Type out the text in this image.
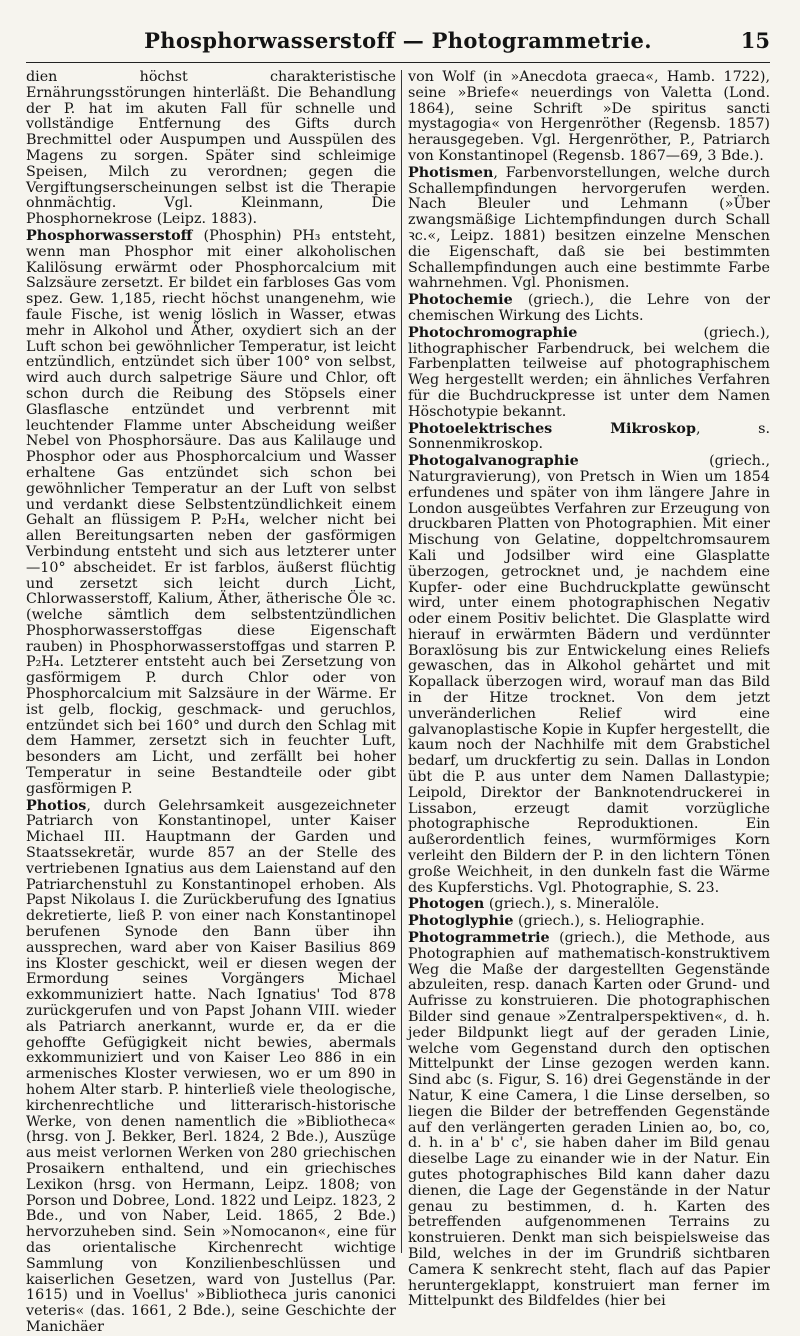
Phosphorwasserstoff — Photogrammetrie.	15

dien höchst charakteristische Ernährungsstörungen hinterläßt. Die Behandlung der P. hat im akuten Fall für schnelle und vollständige Entfernung des Gifts durch Brechmittel oder Auspumpen und Ausspülen des Magens zu sorgen. Später sind schleimige Speisen, Milch zu verordnen; gegen die Vergiftungserscheinungen selbst ist die Therapie ohnmächtig. Vgl. Kleinmann, Die Phosphornekrose (Leipz. 1883).

Phosphorwasserstoff (Phosphin) PH₃ entsteht, wenn man Phosphor mit einer alkoholischen Kalilösung erwärmt oder Phosphorcalcium mit Salzsäure zersetzt. Er bildet ein farbloses Gas vom spez. Gew. 1,185, riecht höchst unangenehm, wie faule Fische, ist wenig löslich in Wasser, etwas mehr in Alkohol und Äther, oxydiert sich an der Luft schon bei gewöhnlicher Temperatur, ist leicht entzündlich, entzündet sich über 100° von selbst, wird auch durch salpetrige Säure und Chlor, oft schon durch die Reibung des Stöpsels einer Glasflasche entzündet und verbrennt mit leuchtender Flamme unter Abscheidung weißer Nebel von Phosphorsäure. Das aus Kalilauge und Phosphor oder aus Phosphorcalcium und Wasser erhaltene Gas entzündet sich schon bei gewöhnlicher Temperatur an der Luft von selbst und verdankt diese Selbstentzündlichkeit einem Gehalt an flüssigem P. P₂H₄, welcher nicht bei allen Bereitungsarten neben der gasförmigen Verbindung entsteht und sich aus letzterer unter —10° abscheidet. Er ist farblos, äußerst flüchtig und zersetzt sich leicht durch Licht, Chlorwasserstoff, Kalium, Äther, ätherische Öle ꝛc. (welche sämtlich dem selbstentzündlichen Phosphorwasserstoffgas diese Eigenschaft rauben) in Phosphorwasserstoffgas und starren P. P₂H₄. Letzterer entsteht auch bei Zersetzung von gasförmigem P. durch Chlor oder von Phosphorcalcium mit Salzsäure in der Wärme. Er ist gelb, flockig, geschmack- und geruchlos, entzündet sich bei 160° und durch den Schlag mit dem Hammer, zersetzt sich in feuchter Luft, besonders am Licht, und zerfällt bei hoher Temperatur in seine Bestandteile oder gibt gasförmigen P.

Photios, durch Gelehrsamkeit ausgezeichneter Patriarch von Konstantinopel, unter Kaiser Michael III. Hauptmann der Garden und Staatssekretär, wurde 857 an der Stelle des vertriebenen Ignatius aus dem Laienstand auf den Patriarchenstuhl zu Konstantinopel erhoben. Als Papst Nikolaus I. die Zurückberufung des Ignatius dekretierte, ließ P. von einer nach Konstantinopel berufenen Synode den Bann über ihn aussprechen, ward aber von Kaiser Basilius 869 ins Kloster geschickt, weil er diesen wegen der Ermordung seines Vorgängers Michael exkommuniziert hatte. Nach Ignatius' Tod 878 zurückgerufen und von Papst Johann VIII. wieder als Patriarch anerkannt, wurde er, da er die gehoffte Gefügigkeit nicht bewies, abermals exkommuniziert und von Kaiser Leo 886 in ein armenisches Kloster verwiesen, wo er um 890 in hohem Alter starb. P. hinterließ viele theologische, kirchenrechtliche und litterarisch-historische Werke, von denen namentlich die »Bibliotheca« (hrsg. von J. Bekker, Berl. 1824, 2 Bde.), Auszüge aus meist verlornen Werken von 280 griechischen Prosaikern enthaltend, und ein griechisches Lexikon (hrsg. von Hermann, Leipz. 1808; von Porson und Dobree, Lond. 1822 und Leipz. 1823, 2 Bde., und von Naber, Leid. 1865, 2 Bde.) hervorzuheben sind. Sein »Nomocanon«, eine für das orientalische Kirchenrecht wichtige Sammlung von Konzilienbeschlüssen und kaiserlichen Gesetzen, ward von Justellus (Par. 1615) und in Voellus' »Bibliotheca juris canonici veteris« (das. 1661, 2 Bde.), seine Geschichte der Manichäer

von Wolf (in »Anecdota graeca«, Hamb. 1722), seine »Briefe« neuerdings von Valetta (Lond. 1864), seine Schrift »De spiritus sancti mystagogia« von Hergenröther (Regensb. 1857) herausgegeben. Vgl. Hergenröther, P., Patriarch von Konstantinopel (Regensb. 1867—69, 3 Bde.).

Photismen, Farbenvorstellungen, welche durch Schallempfindungen hervorgerufen werden. Nach Bleuler und Lehmann (»Über zwangsmäßige Lichtempfindungen durch Schall ꝛc.«, Leipz. 1881) besitzen einzelne Menschen die Eigenschaft, daß sie bei bestimmten Schallempfindungen auch eine bestimmte Farbe wahrnehmen. Vgl. Phonismen.

Photochemie (griech.), die Lehre von der chemischen Wirkung des Lichts.

Photochromographie (griech.), lithographischer Farbendruck, bei welchem die Farbenplatten teilweise auf photographischem Weg hergestellt werden; ein ähnliches Verfahren für die Buchdruckpresse ist unter dem Namen Höschotypie bekannt.

Photoelektrisches Mikroskop, s. Sonnenmikroskop.

Photogalvanographie (griech., Naturgravierung), von Pretsch in Wien um 1854 erfundenes und später von ihm längere Jahre in London ausgeübtes Verfahren zur Erzeugung von druckbaren Platten von Photographien. Mit einer Mischung von Gelatine, doppeltchromsaurem Kali und Jodsilber wird eine Glasplatte überzogen, getrocknet und, je nachdem eine Kupfer- oder eine Buchdruckplatte gewünscht wird, unter einem photographischen Negativ oder einem Positiv belichtet. Die Glasplatte wird hierauf in erwärmten Bädern und verdünnter Boraxlösung bis zur Entwickelung eines Reliefs gewaschen, das in Alkohol gehärtet und mit Kopallack überzogen wird, worauf man das Bild in der Hitze trocknet. Von dem jetzt unveränderlichen Relief wird eine galvanoplastische Kopie in Kupfer hergestellt, die kaum noch der Nachhilfe mit dem Grabstichel bedarf, um druckfertig zu sein. Dallas in London übt die P. aus unter dem Namen Dallastypie; Leipold, Direktor der Banknotendruckerei in Lissabon, erzeugt damit vorzügliche photographische Reproduktionen. Ein außerordentlich feines, wurmförmiges Korn verleiht den Bildern der P. in den lichtern Tönen große Weichheit, in den dunkeln fast die Wärme des Kupferstichs. Vgl. Photographie, S. 23.

Photogen (griech.), s. Mineralöle.

Photoglyphie (griech.), s. Heliographie.

Photogrammetrie (griech.), die Methode, aus Photographien auf mathematisch-konstruktivem Weg die Maße der dargestellten Gegenstände abzuleiten, resp. danach Karten oder Grund- und Aufrisse zu konstruieren. Die photographischen Bilder sind genaue »Zentralperspektiven«, d. h. jeder Bildpunkt liegt auf der geraden Linie, welche vom Gegenstand durch den optischen Mittelpunkt der Linse gezogen werden kann. Sind abc (s. Figur, S. 16) drei Gegenstände in der Natur, K eine Camera, l die Linse derselben, so liegen die Bilder der betreffenden Gegenstände auf den verlängerten geraden Linien ao, bo, co, d. h. in a' b' c', sie haben daher im Bild genau dieselbe Lage zu einander wie in der Natur. Ein gutes photographisches Bild kann daher dazu dienen, die Lage der Gegenstände in der Natur genau zu bestimmen, d. h. Karten des betreffenden aufgenommenen Terrains zu konstruieren. Denkt man sich beispielsweise das Bild, welches in der im Grundriß sichtbaren Camera K senkrecht steht, flach auf das Papier heruntergeklappt, konstruiert man ferner im Mittelpunkt des Bildfeldes (hier bei
